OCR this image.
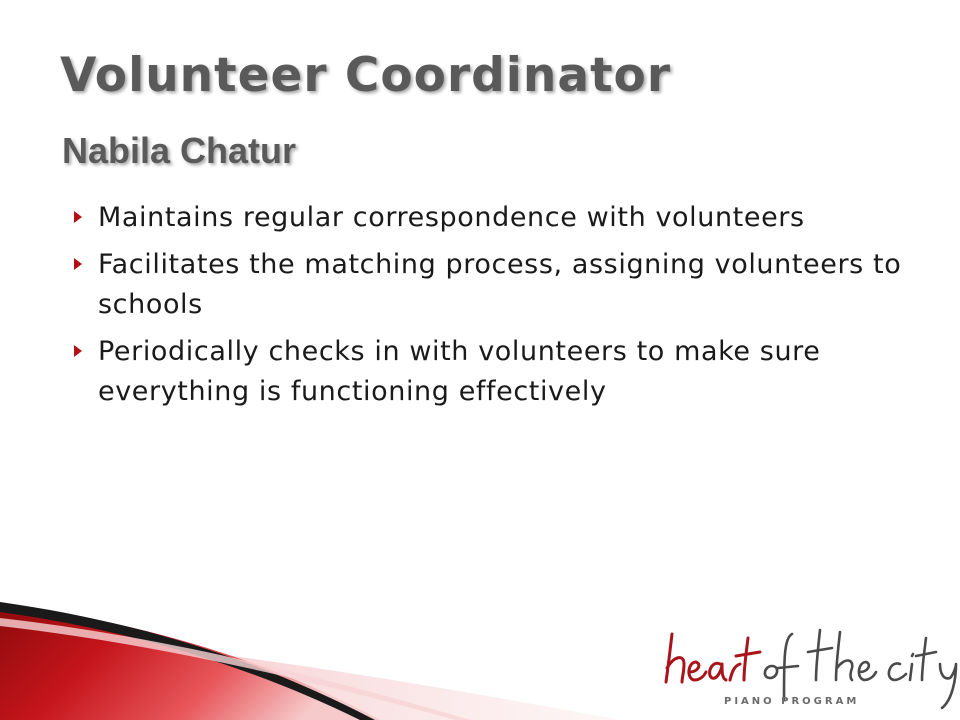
Volunteer Coordinator
Nabila Chatur
Maintains regular correspondence with volunteers
Facilitates the matching process, assigning volunteers to schools
Periodically checks in with volunteers to make sure everything is functioning effectively

PIANO PROGRAM
